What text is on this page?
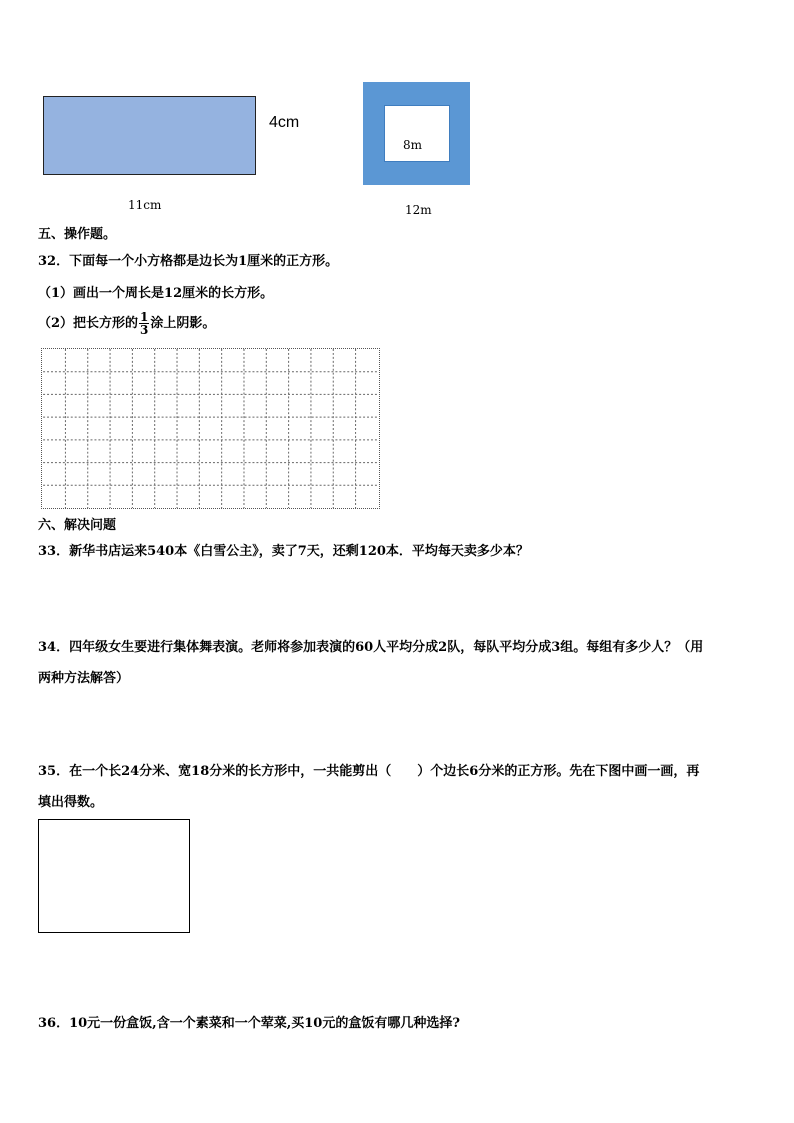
4cm
11cm
8m
12m
五、操作题。
32．下面每一个小方格都是边长为1厘米的正方形。
（1）画出一个周长是12厘米的长方形。
（2）把长方形的 $\frac{1}{3}$ 涂上阴影。
六、解决问题
33．新华书店运来540本《白雪公主》，卖了7天，还剩120本．平均每天卖多少本？
34．四年级女生要进行集体舞表演。老师将参加表演的60人平均分成2队，每队平均分成3组。每组有多少人？（用
两种方法解答）
35．在一个长24分米、宽18分米的长方形中，一共能剪出（　　）个边长6分米的正方形。先在下图中画一画，再
填出得数。
36．10元一份盒饭,含一个素菜和一个荤菜,买10元的盒饭有哪几种选择?
